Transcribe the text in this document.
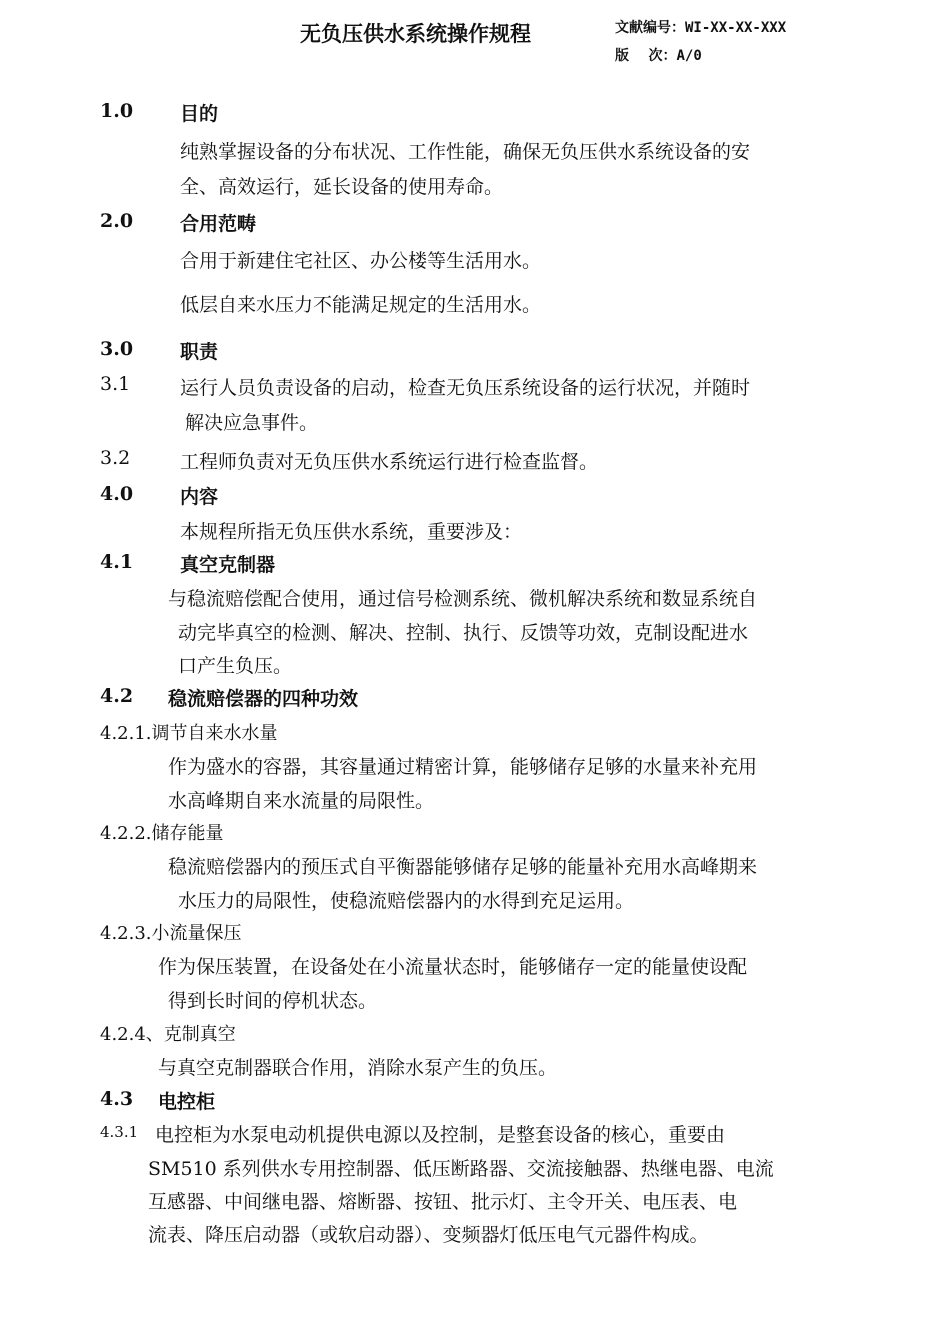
无负压供水系统操作规程	文献编号：WI-XX-XX-XXX
版    次：A/0
1.0 目的
纯熟掌握设备的分布状况、工作性能，确保无负压供水系统设备的安
全、高效运行，延长设备的使用寿命。
2.0 合用范畴
合用于新建住宅社区、办公楼等生活用水。
低层自来水压力不能满足规定的生活用水。
3.0 职责
3.1	运行人员负责设备的启动，检查无负压系统设备的运行状况，并随时
解决应急事件。
3.2	工程师负责对无负压供水系统运行进行检查监督。
4.0 内容
本规程所指无负压供水系统，重要涉及：
4.1 真空克制器
与稳流赔偿配合使用，通过信号检测系统、微机解决系统和数显系统自
动完毕真空的检测、解决、控制、执行、反馈等功效，克制设配进水
口产生负压。
4.2 稳流赔偿器的四种功效
4.2.1.调节自来水水量
作为盛水的容器，其容量通过精密计算，能够储存足够的水量来补充用
水高峰期自来水流量的局限性。
4.2.2.储存能量
稳流赔偿器内的预压式自平衡器能够储存足够的能量补充用水高峰期来
水压力的局限性，使稳流赔偿器内的水得到充足运用。
4.2.3.小流量保压
作为保压装置，在设备处在小流量状态时，能够储存一定的能量使设配
得到长时间的停机状态。
4.2.4、克制真空
与真空克制器联合作用，消除水泵产生的负压。
4.3 电控柜
4.3.1 电控柜为水泵电动机提供电源以及控制，是整套设备的核心，重要由
SM510 系列供水专用控制器、低压断路器、交流接触器、热继电器、电流
互感器、中间继电器、熔断器、按钮、批示灯、主令开关、电压表、电
流表、降压启动器（或软启动器）、变频器灯低压电气元器件构成。
